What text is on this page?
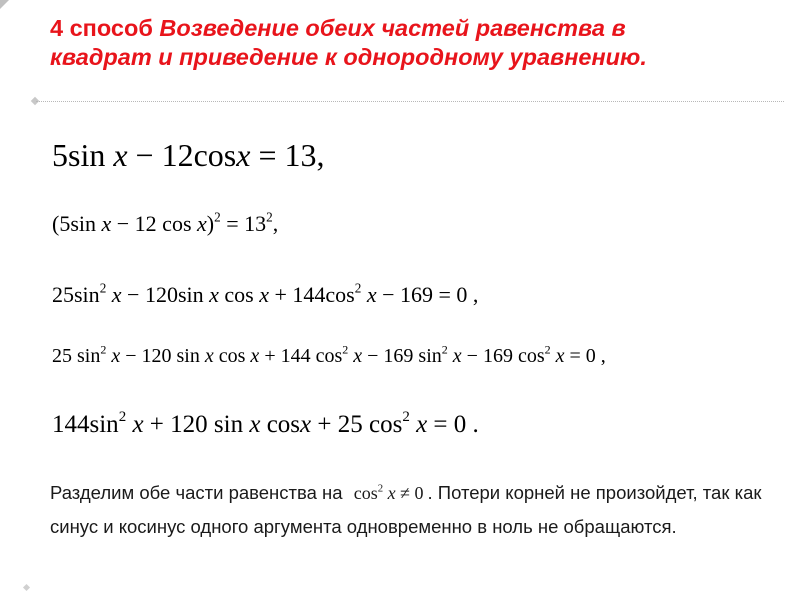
4 способ Возведение обеих частей равенства в квадрат и приведение к однородному уравнению.
5sin x − 12cosx = 13,
(5sin x − 12 $\cos x)^2 = 13^2$,
$25\sin^2$ x − 120sin x $\cos x + 144\cos^2$ x − 169 = 0 ,
25 $\sin^2 x - 120$ sin x cos x + 144 $\cos^2 x - 169$ $\sin^2 x - 169$ $\cos^2 x = 0$ ,
$144\sin^2$ x + 120 sin x cosx + 25 $\cos^2 x = 0$ .
Разделим обе части равенства на $\cos^2 x \ne 0$ . Потери корней не произойдет, так как синус и косинус одного аргумента одновременно в ноль не обращаются.
